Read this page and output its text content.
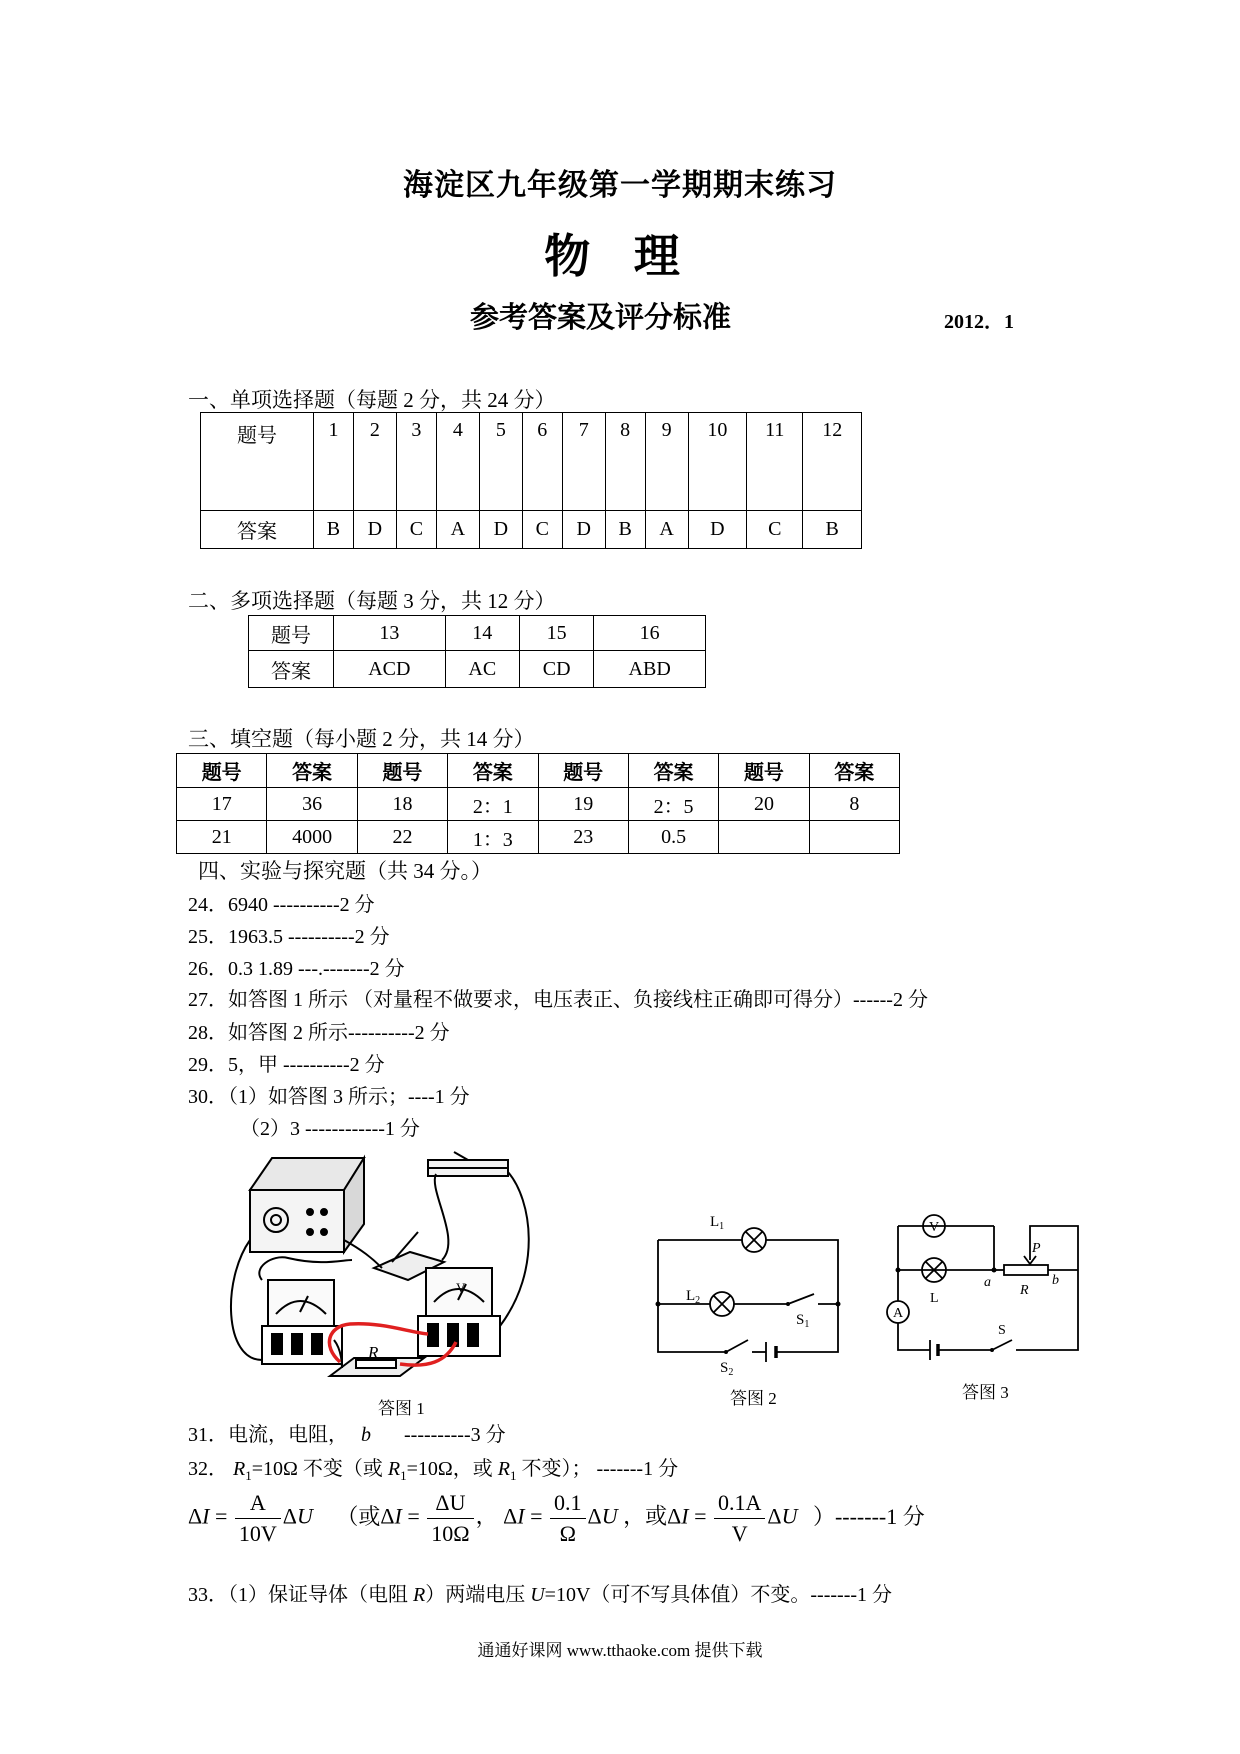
海淀区九年级第一学期期末练习
物 理
参考答案及评分标准	2012．1
一、单项选择题（每题 2 分，共 24 分）
题号	1	2	3	4	5	6	7	8	9	10	11	12
答案	B	D	C	A	D	C	D	B	A	D	C	B
二、多项选择题（每题 3 分，共 12 分）
题号	13	14	15	16
答案	ACD	AC	CD	ABD
三、填空题（每小题 2 分，共 14 分）
题号	答案	题号	答案	题号	答案	题号	答案
17	36	18	2：1	19	2：5	20	8
21	4000	22	1：3	23	0.5		
四、实验与探究题（共 34 分。）
24．6940 ----------2 分
25．1963.5 ----------2 分
26．0.3 1.89 ---.-------2 分
27．如答图 1 所示 （对量程不做要求，电压表正、负接线柱正确即可得分）------2 分
28．如答图 2 所示----------2 分
29．5，甲 ----------2 分
30．（1）如答图 3 所示；----1 分
（2）3 ------------1 分
R
V
答图 1
$L_1$
$L_2$
$S_1$
$S_2$
答图 2
V
A
L
P
a	b
R
S
答图 3
31．电流，电阻， b ----------3 分
32． $R_1=10\Omega$ 不变（或 $R_1=10\Omega$，或 $R_1$ 不变）； -------1 分
$\Delta I = \frac{A}{10V}$ ΔU （或$\Delta I = \frac{\Delta U}{10\Omega}$ ， $\Delta I = \frac{0.1}{\Omega}$ ΔU ，或$\Delta I = \frac{0.1A}{V}$ ΔU ）-------1 分
33．（1）保证导体（电阻 R）两端电压 U=10V（可不写具体值）不变。-------1 分
通通好课网 www.tthaoke.com 提供下载
